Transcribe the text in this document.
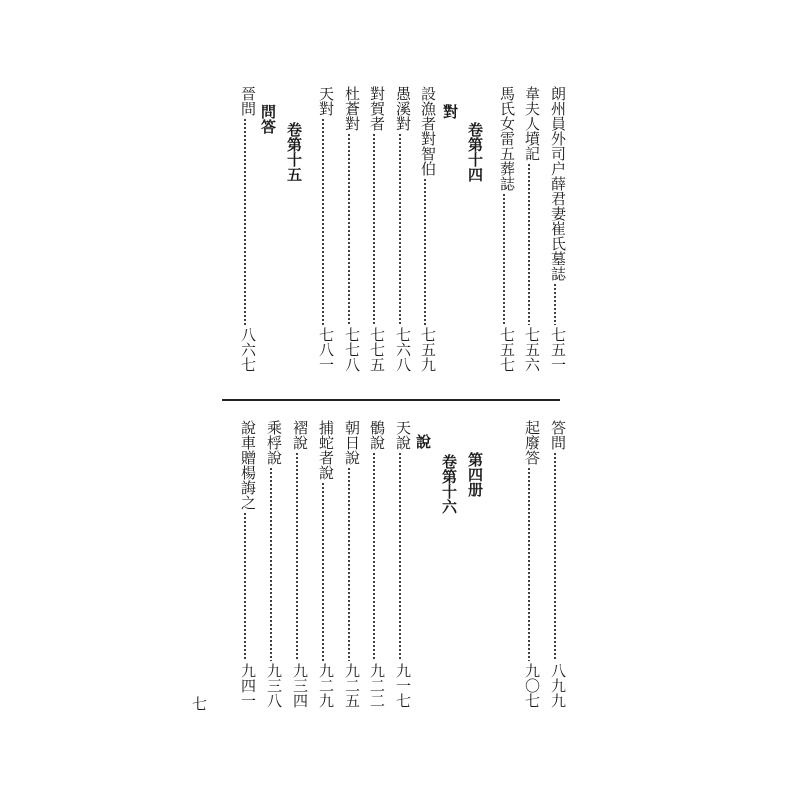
朗州員外司户薛君妻崔氏墓誌
七五一
韋夫人墳記
七五六
馬氏女雷五葬誌
七五七
卷第十四
對
設漁者對智伯
七五九
愚溪對
七六八
對賀者
七七五
杜蒼對
七七八
天對
七八一
卷第十五
問答
晉問
八六七
答問
八九九
起廢答
九〇七
第四册
卷第十六
說
天說
九一七
鶻說
九二二
朝日說
九二五
捕蛇者說
九二九
褶說
九三四
乘桴說
九三八
說車贈楊誨之
九四一
七
